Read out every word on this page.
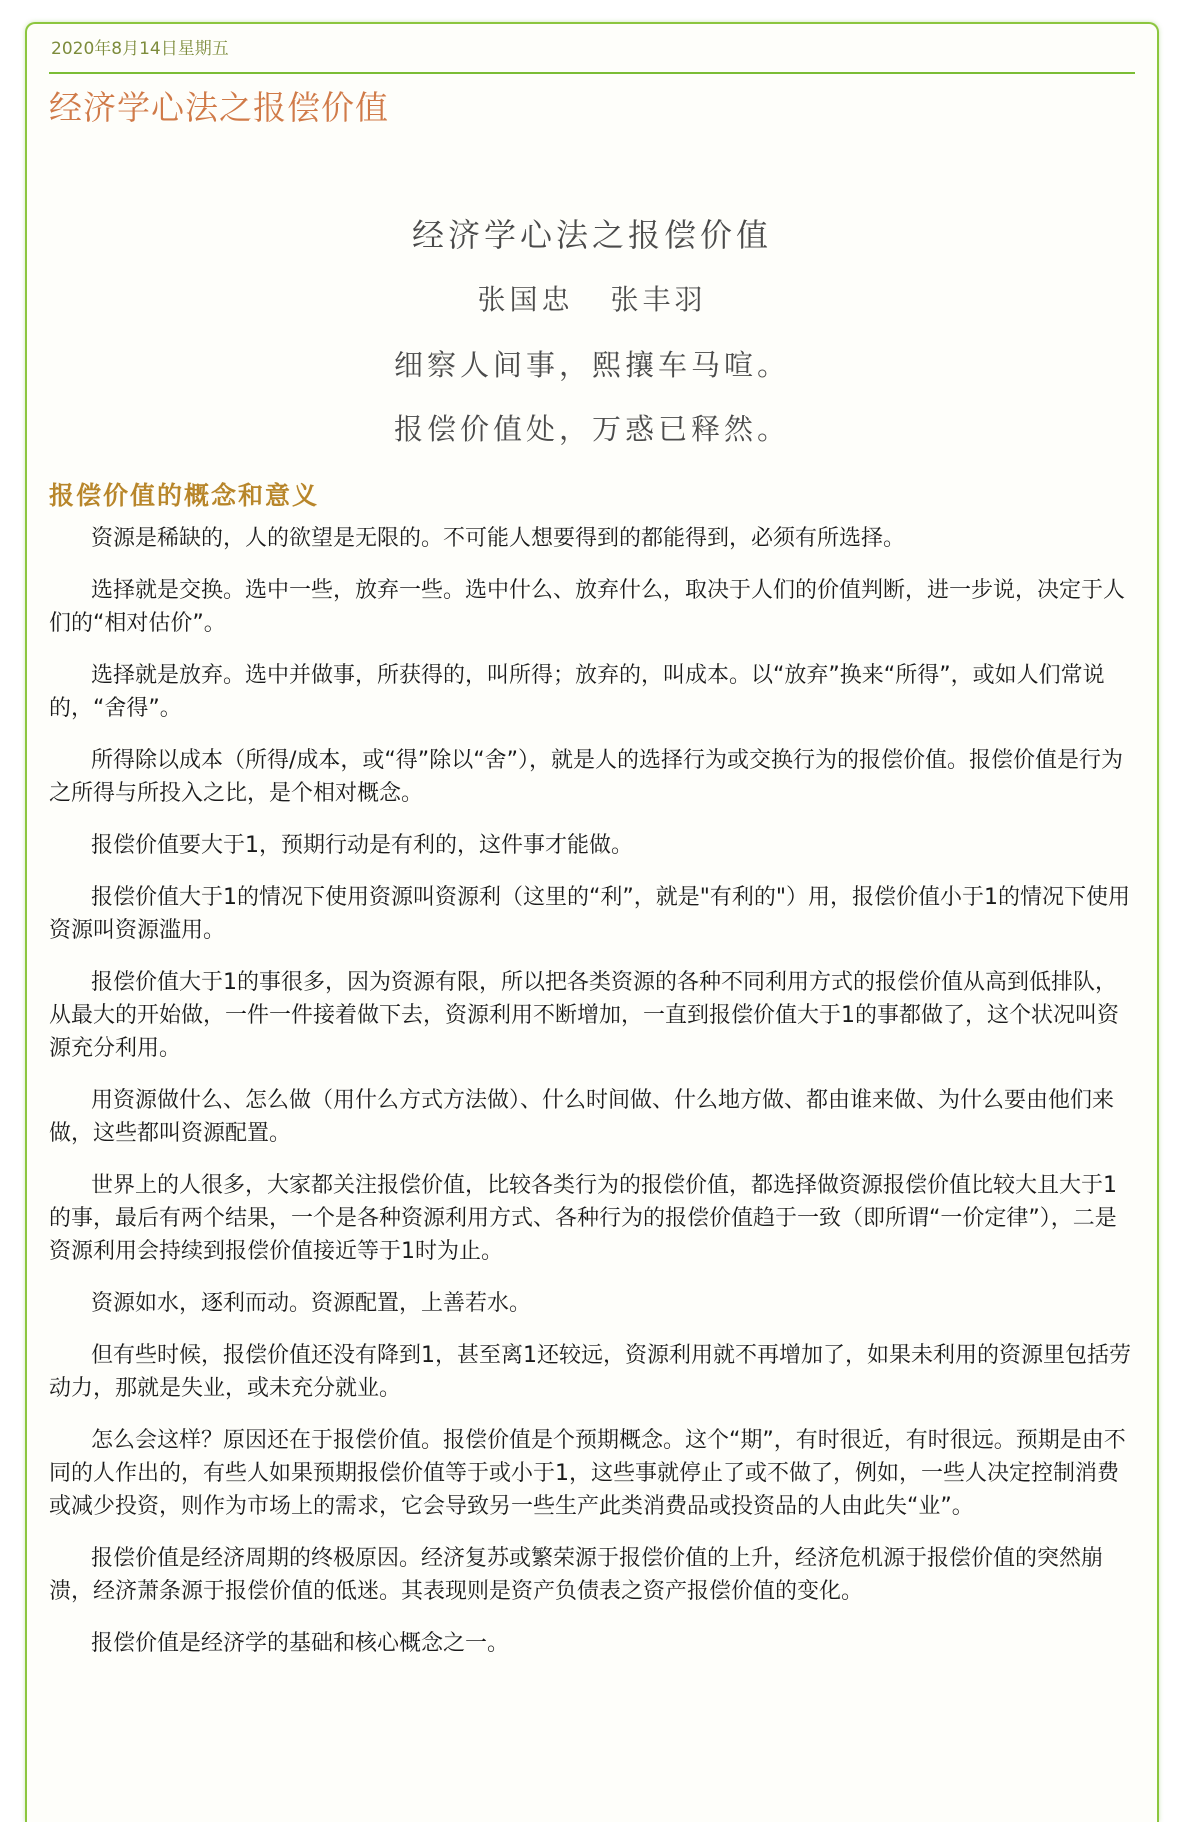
2020年8月14日星期五
经济学心法之报偿价值

经济学心法之报偿价值

张国忠 张丰羽

细察人间事，熙攘车马喧。

报偿价值处，万惑已释然。

报偿价值的概念和意义

资源是稀缺的，人的欲望是无限的。不可能人想要得到的都能得到，必须有所选择。

选择就是交换。选中一些，放弃一些。选中什么、放弃什么，取决于人们的价值判断，进一步说，决定于人们的“相对估价”。

选择就是放弃。选中并做事，所获得的，叫所得；放弃的，叫成本。以“放弃”换来“所得”，或如人们常说的，“舍得”。

所得除以成本（所得/成本，或“得”除以“舍”），就是人的选择行为或交换行为的报偿价值。报偿价值是行为之所得与所投入之比，是个相对概念。

报偿价值要大于1，预期行动是有利的，这件事才能做。

报偿价值大于1的情况下使用资源叫资源利（这里的“利”，就是"有利的"）用，报偿价值小于1的情况下使用资源叫资源滥用。

报偿价值大于1的事很多，因为资源有限，所以把各类资源的各种不同利用方式的报偿价值从高到低排队，从最大的开始做，一件一件接着做下去，资源利用不断增加，一直到报偿价值大于1的事都做了，这个状况叫资源充分利用。

用资源做什么、怎么做（用什么方式方法做）、什么时间做、什么地方做、都由谁来做、为什么要由他们来做，这些都叫资源配置。

世界上的人很多，大家都关注报偿价值，比较各类行为的报偿价值，都选择做资源报偿价值比较大且大于1的事，最后有两个结果，一个是各种资源利用方式、各种行为的报偿价值趋于一致（即所谓“一价定律”），二是资源利用会持续到报偿价值接近等于1时为止。

资源如水，逐利而动。资源配置，上善若水。

但有些时候，报偿价值还没有降到1，甚至离1还较远，资源利用就不再增加了，如果未利用的资源里包括劳动力，那就是失业，或未充分就业。

怎么会这样？原因还在于报偿价值。报偿价值是个预期概念。这个“期”，有时很近，有时很远。预期是由不同的人作出的，有些人如果预期报偿价值等于或小于1，这些事就停止了或不做了，例如，一些人决定控制消费或减少投资，则作为市场上的需求，它会导致另一些生产此类消费品或投资品的人由此失“业”。

报偿价值是经济周期的终极原因。经济复苏或繁荣源于报偿价值的上升，经济危机源于报偿价值的突然崩溃，经济萧条源于报偿价值的低迷。其表现则是资产负债表之资产报偿价值的变化。

报偿价值是经济学的基础和核心概念之一。
